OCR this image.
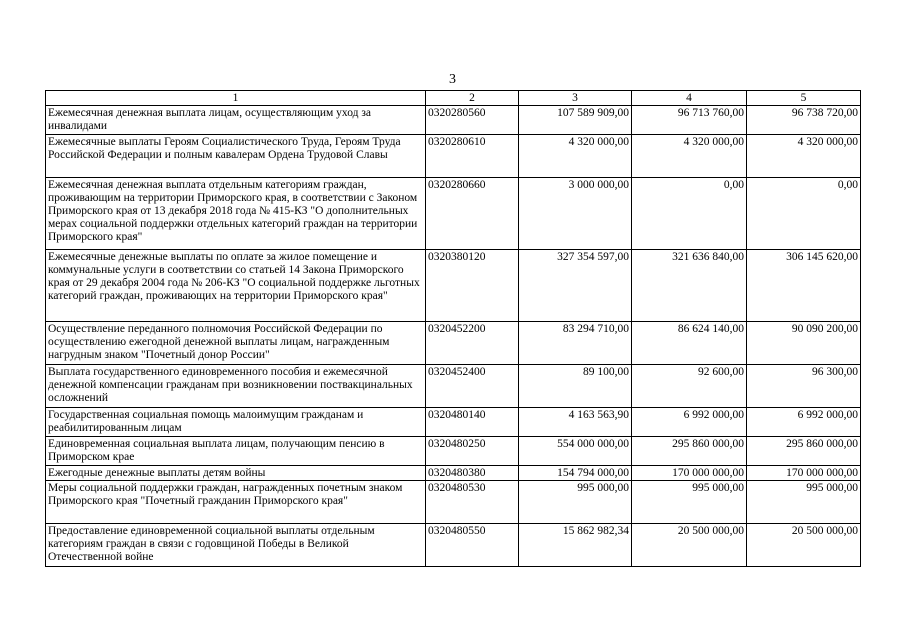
3
1	2	3	4	5
Ежемесячная денежная выплата лицам, осуществляющим уход за инвалидами	0320280560	107 589 909,00	96 713 760,00	96 738 720,00
Ежемесячные выплаты Героям Социалистического Труда, Героям Труда Российской Федерации и полным кавалерам Ордена Трудовой Славы	0320280610	4 320 000,00	4 320 000,00	4 320 000,00
Ежемесячная денежная выплата отдельным категориям граждан, проживающим на территории Приморского края, в соответствии с Законом Приморского края от 13 декабря 2018 года № 415-КЗ "О дополнительных мерах социальной поддержки отдельных категорий граждан на территории Приморского края"	0320280660	3 000 000,00	0,00	0,00
Ежемесячные денежные выплаты по оплате за жилое помещение и коммунальные услуги в соответствии со статьей 14 Закона Приморского края от 29 декабря 2004 года № 206-КЗ "О социальной поддержке льготных категорий граждан, проживающих на территории Приморского края"	0320380120	327 354 597,00	321 636 840,00	306 145 620,00
Осуществление переданного полномочия Российской Федерации по осуществлению ежегодной денежной выплаты лицам, награжденным нагрудным знаком "Почетный донор России"	0320452200	83 294 710,00	86 624 140,00	90 090 200,00
Выплата государственного единовременного пособия и ежемесячной денежной компенсации гражданам при возникновении поствакцинальных осложнений	0320452400	89 100,00	92 600,00	96 300,00
Государственная социальная помощь малоимущим гражданам и реабилитированным лицам	0320480140	4 163 563,90	6 992 000,00	6 992 000,00
Единовременная социальная выплата лицам, получающим пенсию в Приморском крае	0320480250	554 000 000,00	295 860 000,00	295 860 000,00
Ежегодные денежные выплаты детям войны	0320480380	154 794 000,00	170 000 000,00	170 000 000,00
Меры социальной поддержки граждан, награжденных почетным знаком Приморского края "Почетный гражданин Приморского края"	0320480530	995 000,00	995 000,00	995 000,00
Предоставление единовременной социальной выплаты отдельным категориям граждан в связи с годовщиной Победы в Великой Отечественной войне	0320480550	15 862 982,34	20 500 000,00	20 500 000,00
